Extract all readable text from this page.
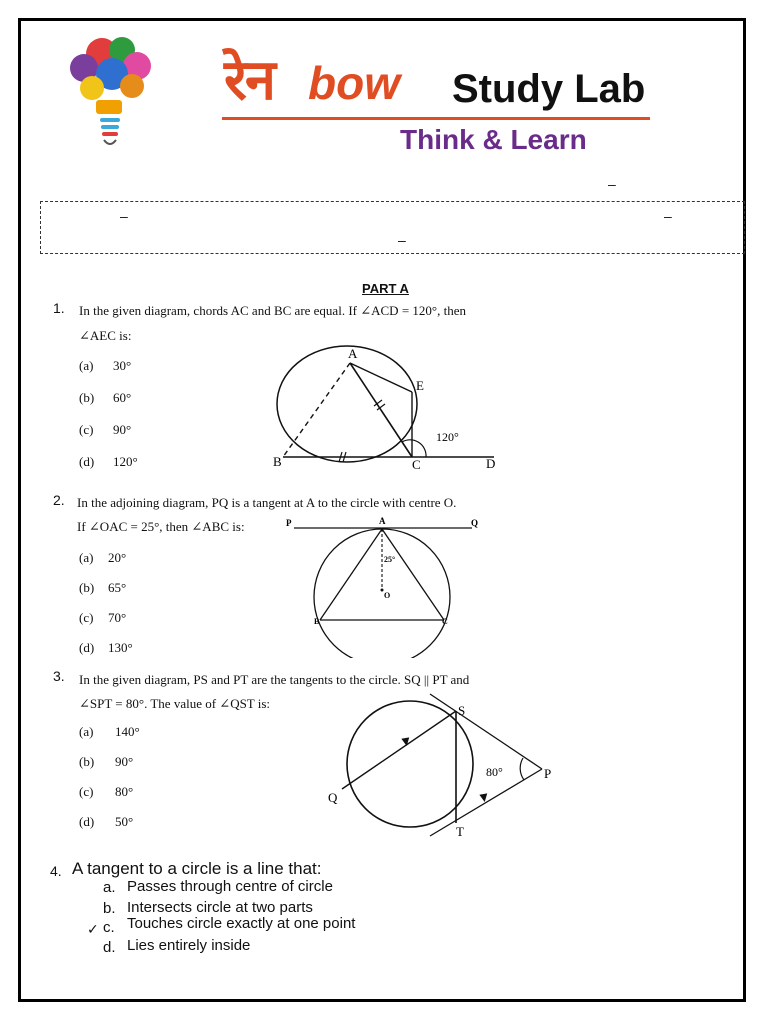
रेन bow Study Lab
Think & Learn
–
–	–
–
PART A
1. In the given diagram, chords AC and BC are equal. If ∠ACD = 120°, then
∠AEC is:
(a) 30°
(b) 60°
(c) 90°
(d) 120°
A
B	C	D
E
120°
2. In the adjoining diagram, PQ is a tangent at A to the circle with centre O.
If ∠OAC = 25°, then ∠ABC is:
(a) 20°
(b) 65°
(c) 70°
(d) 130°
P	A	Q
25°
O
B	C
3. In the given diagram, PS and PT are the tangents to the circle. SQ || PT and
∠SPT = 80°. The value of ∠QST is:
(a) 140°
(b) 90°
(c) 80°
(d) 50°
S
P
80°
Q
T
4. A tangent to a circle is a line that:
a. Passes through centre of circle
b. Intersects circle at two parts
✓ c. Touches circle exactly at one point
d. Lies entirely inside
